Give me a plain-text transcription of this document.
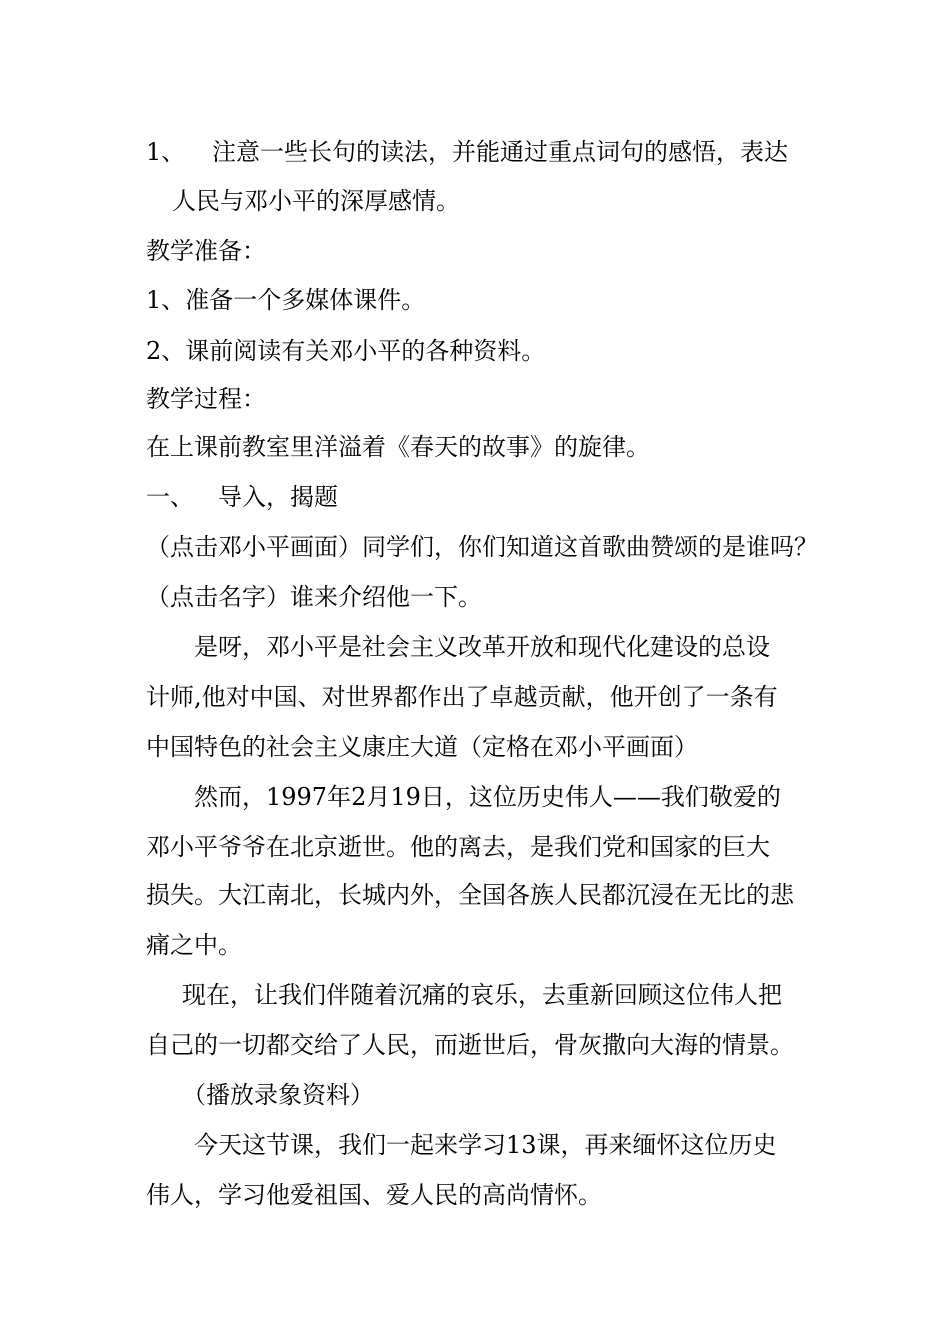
1、 注意一些长句的读法，并能通过重点词句的感悟，表达
人民与邓小平的深厚感情。
教学准备：
1、准备一个多媒体课件。
2、课前阅读有关邓小平的各种资料。
教学过程：
在上课前教室里洋溢着《春天的故事》的旋律。
一、 导入，揭题
（点击邓小平画面）同学们，你们知道这首歌曲赞颂的是谁吗？
（点击名字）谁来介绍他一下。
是呀，邓小平是社会主义改革开放和现代化建设的总设
计师,他对中国、对世界都作出了卓越贡献，他开创了一条有
中国特色的社会主义康庄大道（定格在邓小平画面）
然而，1997年2月19日，这位历史伟人——我们敬爱的
邓小平爷爷在北京逝世。他的离去，是我们党和国家的巨大
损失。大江南北，长城内外，全国各族人民都沉浸在无比的悲
痛之中。
现在，让我们伴随着沉痛的哀乐，去重新回顾这位伟人把
自己的一切都交给了人民，而逝世后，骨灰撒向大海的情景。
（播放录象资料）
今天这节课，我们一起来学习13课，再来缅怀这位历史
伟人，学习他爱祖国、爱人民的高尚情怀。
